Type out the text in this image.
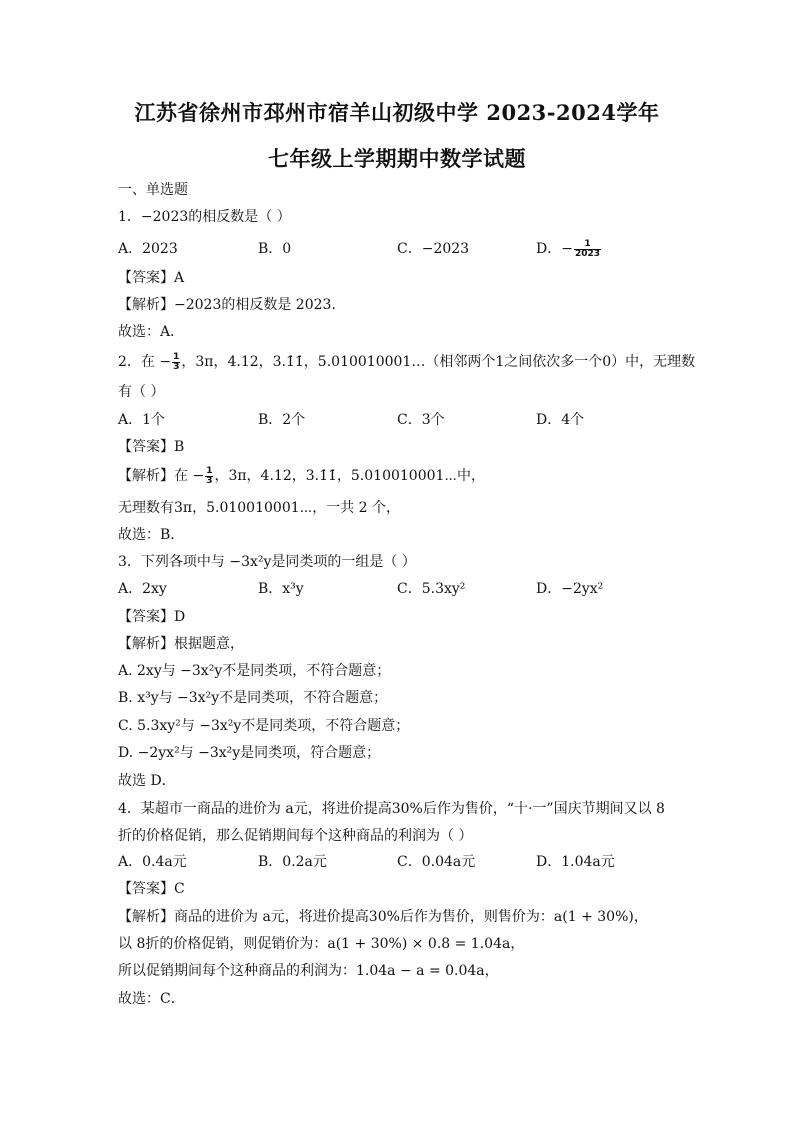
江苏省徐州市邳州市宿羊山初级中学 2023-2024学年
七年级上学期期中数学试题
一、单选题
1．−2023的相反数是（ ）
A．2023	B．0	C．−2023	D．− $\frac{1}{2023}$
【答案】A
【解析】−2023的相反数是 2023．
故选：A．
2．在 − $\frac{1}{3}$ ，3π，4.12，3.1̇1̇，5.010010001…（相邻两个1之间依次多一个0）中，无理数
有（ ）
A．1个	B．2个	C．3个	D．4个
【答案】B
【解析】在 − $\frac{1}{3}$ ，3π，4.12，3.1̇1̇，5.010010001⋯中，
无理数有3π，5.010010001⋯，一共 2 个，
故选：B．
3．下列各项中与 −3x²y是同类项的一组是（ ）
A．2xy	B．x³y	C．5.3xy²	D．−2yx²
【答案】D
【解析】根据题意，
A. 2xy与 −3x²y不是同类项，不符合题意；
B. x³y与 −3x²y不是同类项，不符合题意；
C. 5.3xy²与 −3x²y不是同类项，不符合题意；
D. −2yx²与 −3x²y是同类项，符合题意；
故选 D．
4．某超市一商品的进价为 a元，将进价提高30%后作为售价，“十·一”国庆节期间又以 8
折的价格促销，那么促销期间每个这种商品的利润为（ ）
A．0.4a元	B．0.2a元	C．0.04a元	D．1.04a元
【答案】C
【解析】商品的进价为 a元，将进价提高30%后作为售价，则售价为：a(1 + 30%)，
以 8折的价格促销，则促销价为：a(1 + 30%) × 0.8 = 1.04a，
所以促销期间每个这种商品的利润为：1.04a − a = 0.04a，
故选：C．
